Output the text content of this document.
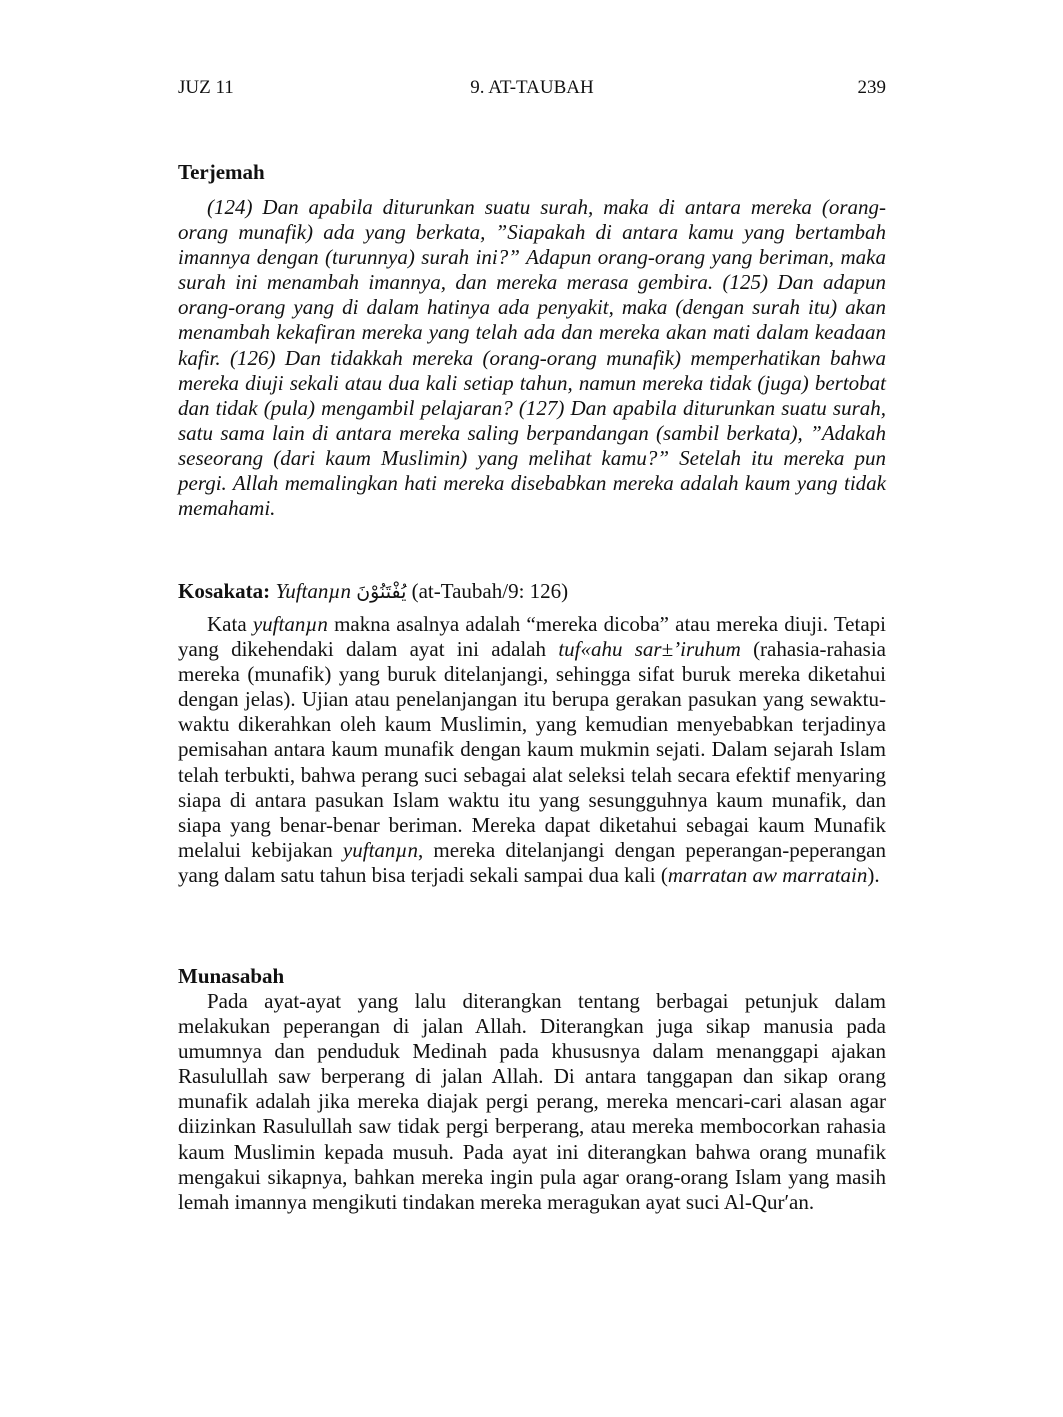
JUZ 11	9. AT-TAUBAH	239
Terjemah

(124) Dan apabila diturunkan suatu surah, maka di antara mereka (orang-orang munafik) ada yang berkata, ”Siapakah di antara kamu yang bertambah imannya dengan (turunnya) surah ini?” Adapun orang-orang yang beriman, maka surah ini menambah imannya, dan mereka merasa gembira. (125) Dan adapun orang-orang yang di dalam hatinya ada penyakit, maka (dengan surah itu) akan menambah kekafiran mereka yang telah ada dan mereka akan mati dalam keadaan kafir. (126) Dan tidakkah mereka (orang-orang munafik) memperhatikan bahwa mereka diuji sekali atau dua kali setiap tahun, namun mereka tidak (juga) bertobat dan tidak (pula) mengambil pelajaran? (127) Dan apabila diturunkan suatu surah, satu sama lain di antara mereka saling berpandangan (sambil berkata), ”Adakah seseorang (dari kaum Muslimin) yang melihat kamu?” Setelah itu mereka pun pergi. Allah memalingkan hati mereka disebabkan mereka adalah kaum yang tidak memahami.

Kosakata: Yuftanµn يُفْتَنُوْنَ (at-Taubah/9: 126)

Kata yuftanµn makna asalnya adalah “mereka dicoba” atau mereka diuji. Tetapi yang dikehendaki dalam ayat ini adalah tuf«ahu sar±’iruhum (rahasia-rahasia mereka (munafik) yang buruk ditelanjangi, sehingga sifat buruk mereka diketahui dengan jelas). Ujian atau penelanjangan itu berupa gerakan pasukan yang sewaktu-waktu dikerahkan oleh kaum Muslimin, yang kemudian menyebabkan terjadinya pemisahan antara kaum munafik dengan kaum mukmin sejati. Dalam sejarah Islam telah terbukti, bahwa perang suci sebagai alat seleksi telah secara efektif menyaring siapa di antara pasukan Islam waktu itu yang sesungguhnya kaum munafik, dan siapa yang benar-benar beriman. Mereka dapat diketahui sebagai kaum Munafik melalui kebijakan yuftanµn, mereka ditelanjangi dengan peperangan-peperangan yang dalam satu tahun bisa terjadi sekali sampai dua kali (marratan aw marratain).

Munasabah

Pada ayat-ayat yang lalu diterangkan tentang berbagai petunjuk dalam melakukan peperangan di jalan Allah. Diterangkan juga sikap manusia pada umumnya dan penduduk Medinah pada khususnya dalam menanggapi ajakan Rasulullah saw berperang di jalan Allah. Di antara tanggapan dan sikap orang munafik adalah jika mereka diajak pergi perang, mereka mencari-cari alasan agar diizinkan Rasulullah saw tidak pergi berperang, atau mereka membocorkan rahasia kaum Muslimin kepada musuh. Pada ayat ini diterangkan bahwa orang munafik mengakui sikapnya, bahkan mereka ingin pula agar orang-orang Islam yang masih lemah imannya mengikuti tindakan mereka meragukan ayat suci Al-Qur′an.
